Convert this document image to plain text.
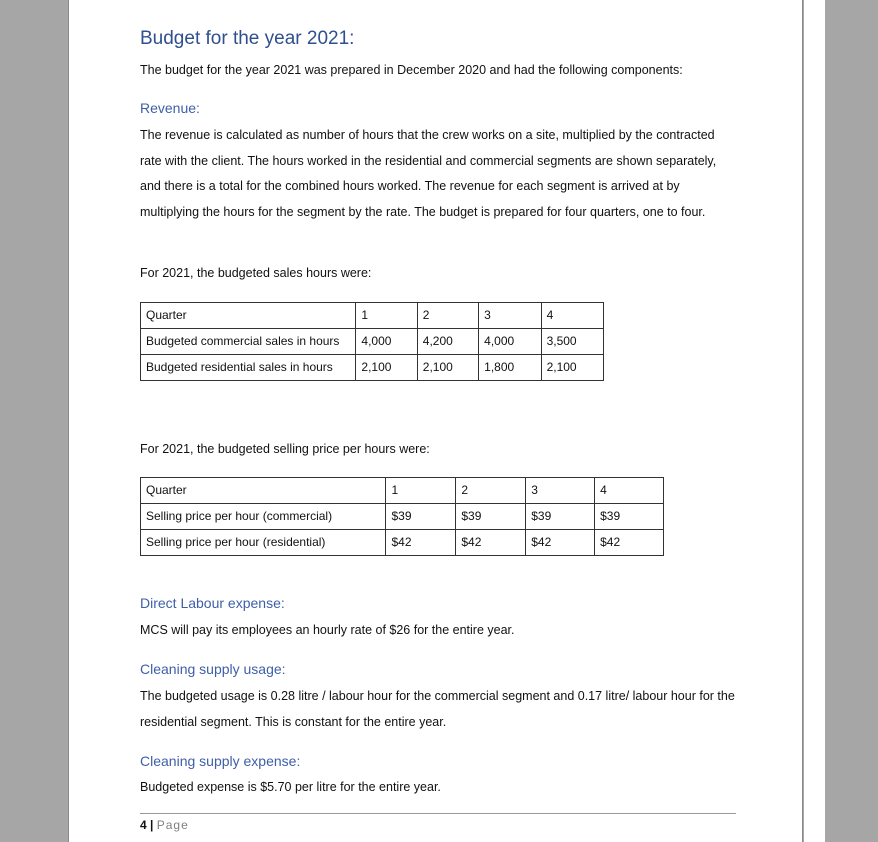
Budget for the year 2021:
The budget for the year 2021 was prepared in December 2020 and had the following components:
Revenue:
The revenue is calculated as number of hours that the crew works on a site, multiplied by the contracted rate with the client. The hours worked in the residential and commercial segments are shown separately, and there is a total for the combined hours worked. The revenue for each segment is arrived at by multiplying the hours for the segment by the rate. The budget is prepared for four quarters, one to four.
For 2021, the budgeted sales hours were:
Quarter	1	2	3	4
Budgeted commercial sales in hours	4,000	4,200	4,000	3,500
Budgeted residential sales in hours	2,100	2,100	1,800	2,100
For 2021, the budgeted selling price per hours were:
Quarter	1	2	3	4
Selling price per hour (commercial)	$39	$39	$39	$39
Selling price per hour (residential)	$42	$42	$42	$42
Direct Labour expense:
MCS will pay its employees an hourly rate of $26 for the entire year.
Cleaning supply usage:
The budgeted usage is 0.28 litre / labour hour for the commercial segment and 0.17 litre/ labour hour for the residential segment. This is constant for the entire year.
Cleaning supply expense:
Budgeted expense is $5.70 per litre for the entire year.
4 | Page
